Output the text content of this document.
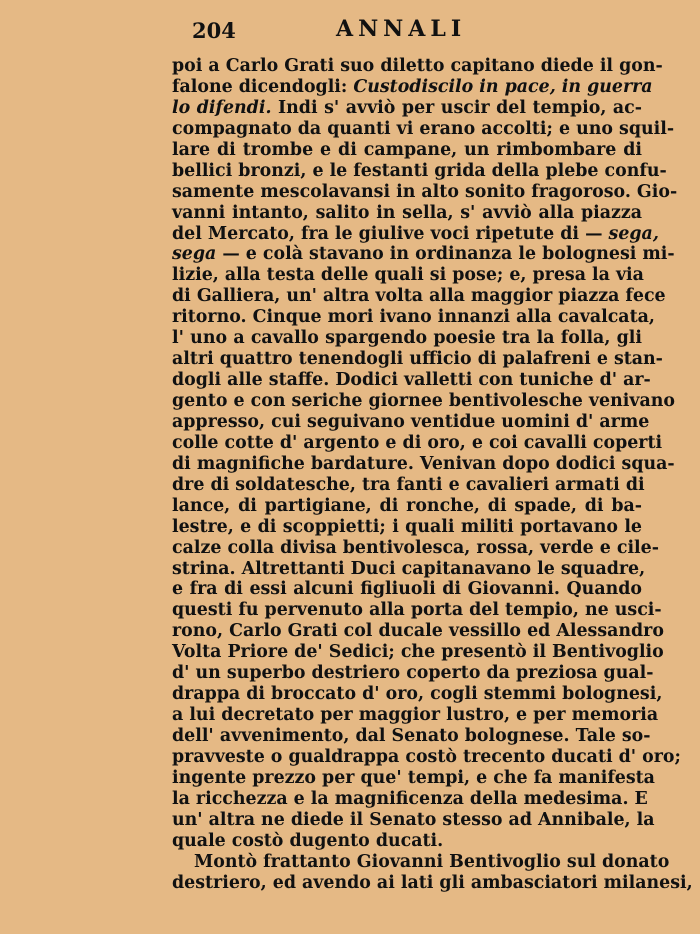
204	ANNALI
poi a Carlo Grati suo diletto capitano diede il gon-
falone dicendogli: Custodiscilo in pace, in guerra
lo difendi. Indi s' avviò per uscir del tempio, ac-
compagnato da quanti vi erano accolti; e uno squil-
lare di trombe e di campane, un rimbombare di
bellici bronzi, e le festanti grida della plebe confu-
samente mescolavansi in alto sonito fragoroso. Gio-
vanni intanto, salito in sella, s' avviò alla piazza
del Mercato, fra le giulive voci ripetute di — sega,
sega — e colà stavano in ordinanza le bolognesi mi-
lizie, alla testa delle quali si pose; e, presa la via
di Galliera, un' altra volta alla maggior piazza fece
ritorno. Cinque mori ivano innanzi alla cavalcata,
l' uno a cavallo spargendo poesie tra la folla, gli
altri quattro tenendogli ufficio di palafreni e stan-
dogli alle staffe. Dodici valletti con tuniche d' ar-
gento e con seriche giornee bentivolesche venivano
appresso, cui seguivano ventidue uomini d' arme
colle cotte d' argento e di oro, e coi cavalli coperti
di magnifiche bardature. Venivan dopo dodici squa-
dre di soldatesche, tra fanti e cavalieri armati di
lance, di partigiane, di ronche, di spade, di ba-
lestre, e di scoppietti; i quali militi portavano le
calze colla divisa bentivolesca, rossa, verde e cile-
strina. Altrettanti Duci capitanavano le squadre,
e fra di essi alcuni figliuoli di Giovanni. Quando
questi fu pervenuto alla porta del tempio, ne usci-
rono, Carlo Grati col ducale vessillo ed Alessandro
Volta Priore de' Sedici; che presentò il Bentivoglio
d' un superbo destriero coperto da preziosa gual-
drappa di broccato d' oro, cogli stemmi bolognesi,
a lui decretato per maggior lustro, e per memoria
dell' avvenimento, dal Senato bolognese. Tale so-
pravveste o gualdrappa costò trecento ducati d' oro;
ingente prezzo per que' tempi, e che fa manifesta
la ricchezza e la magnificenza della medesima. E
un' altra ne diede il Senato stesso ad Annibale, la
quale costò dugento ducati.
Montò frattanto Giovanni Bentivoglio sul donato
destriero, ed avendo ai lati gli ambasciatori milanesi,
